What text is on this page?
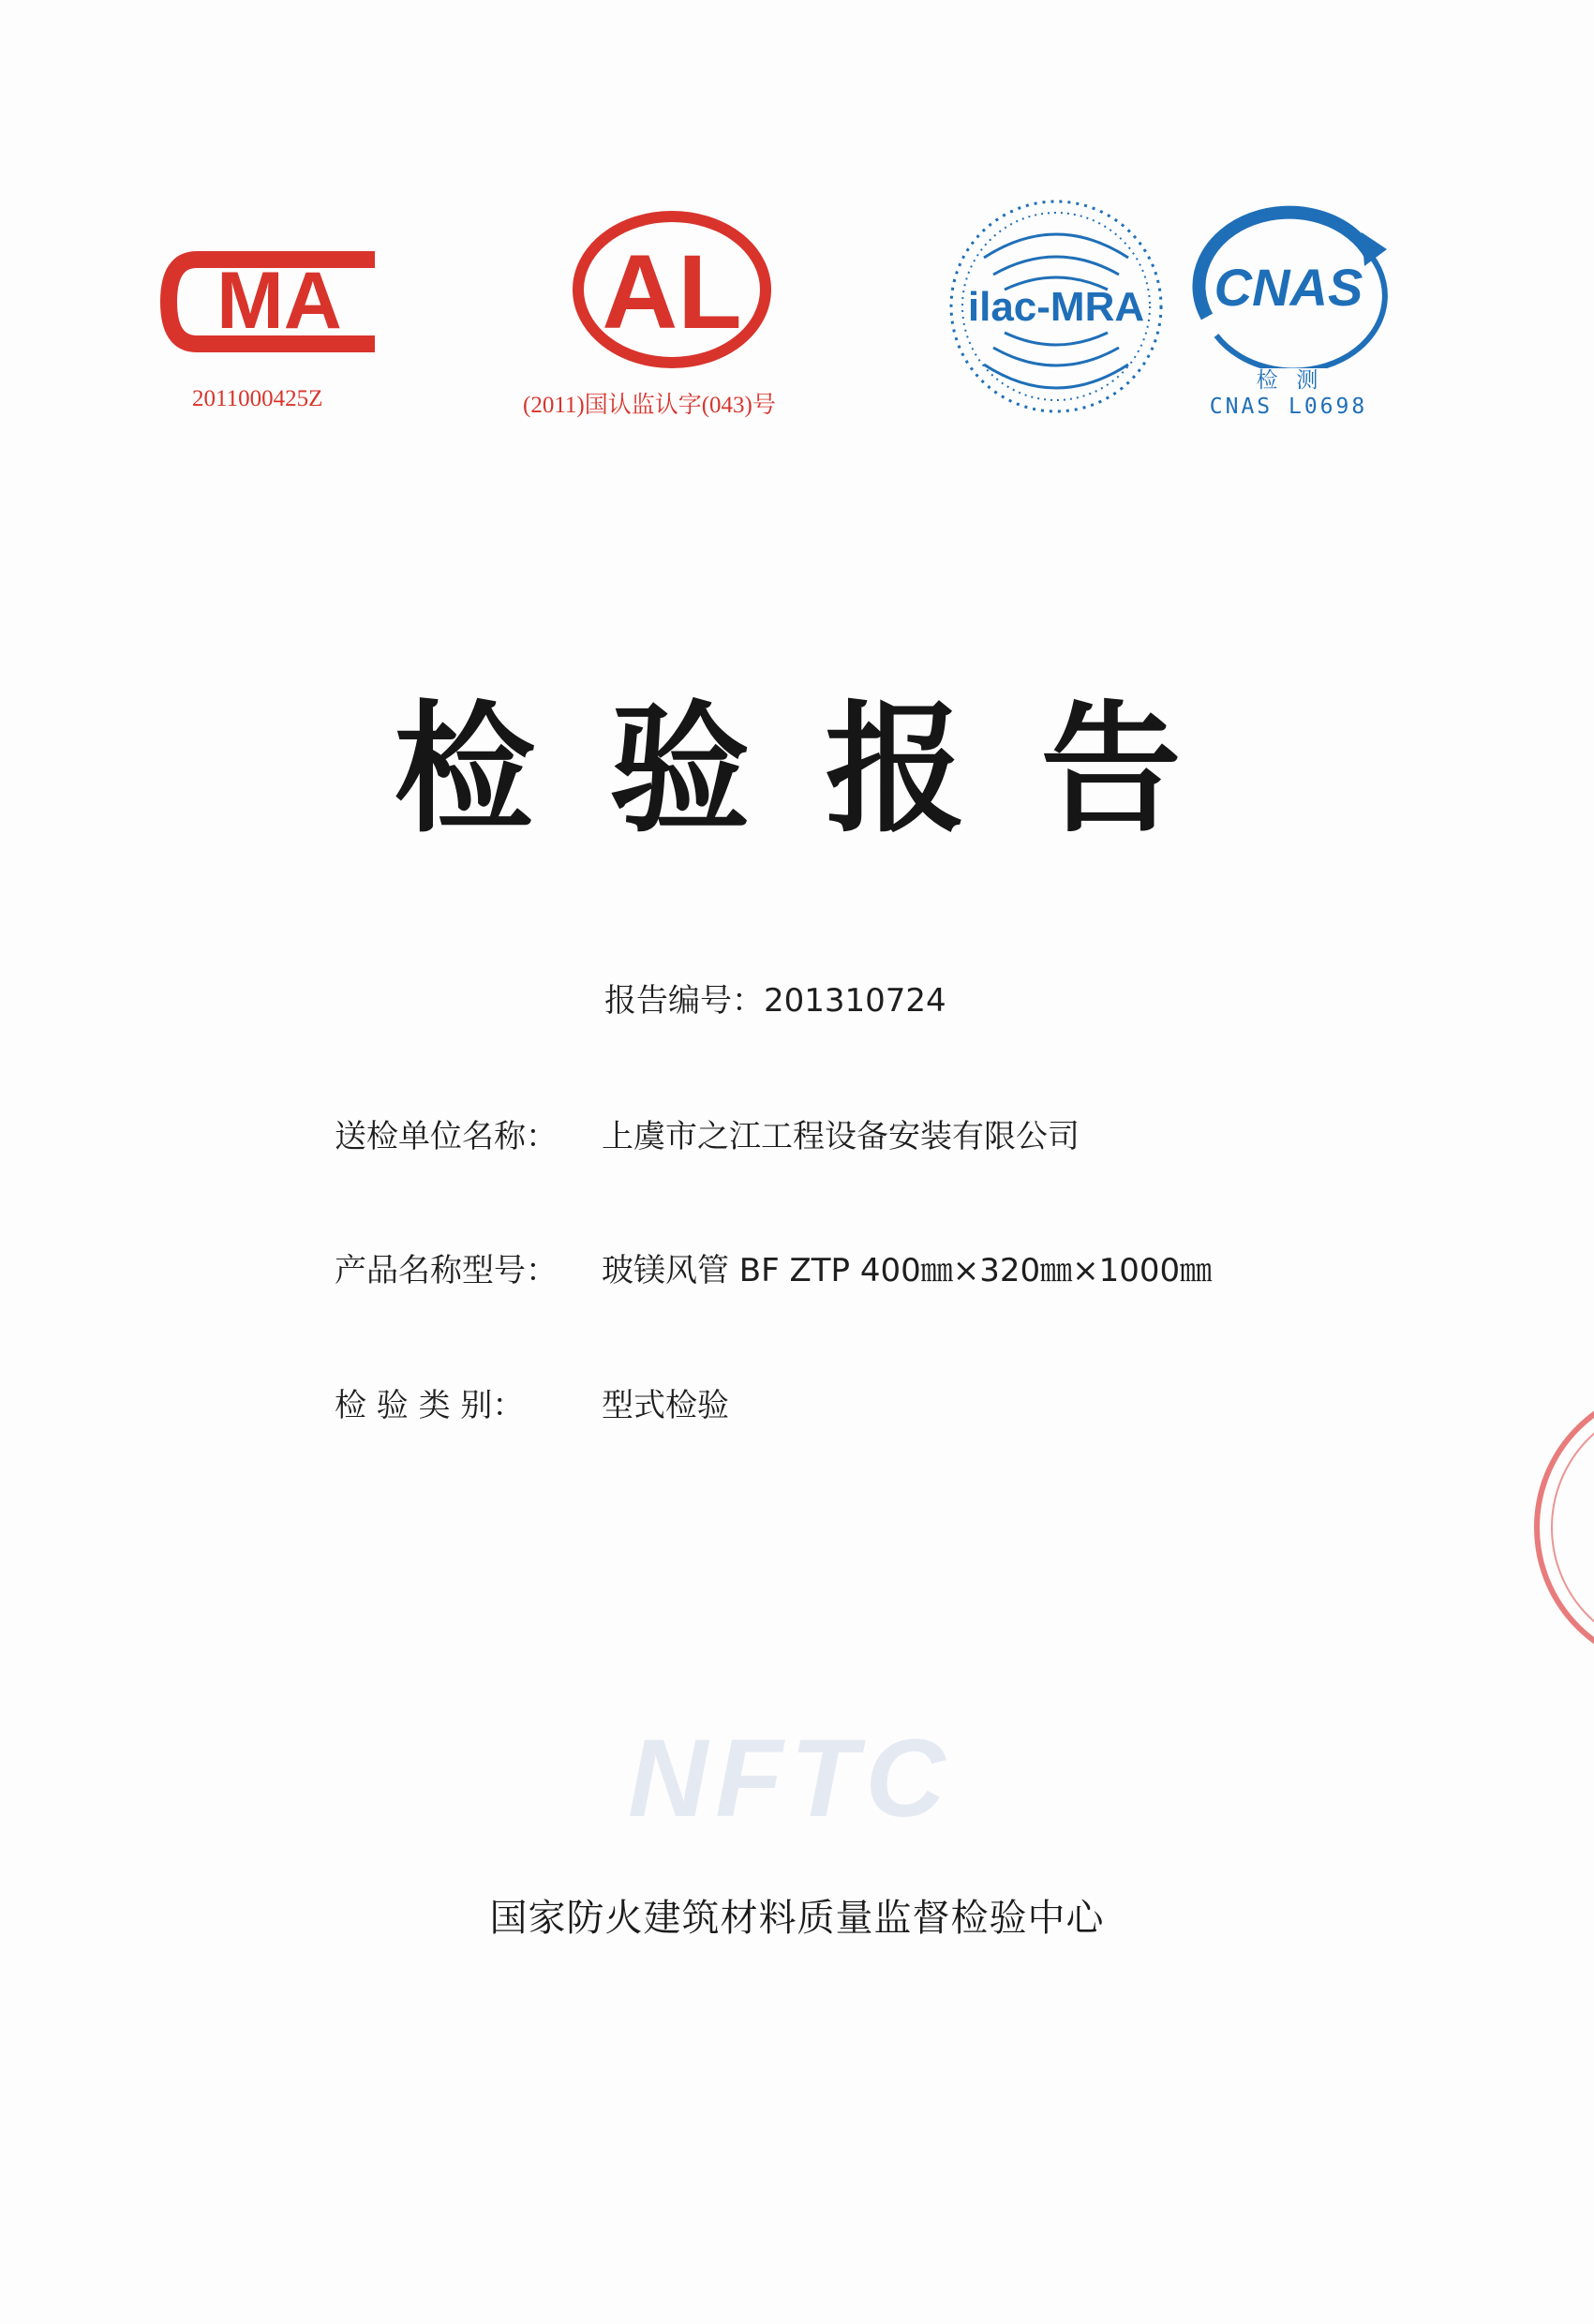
MA
2011000425Z
AL
(2011)国认监认字(043)号
ilac-MRA CNAS
检 测
CNAS L0698
检验报告
报告编号：201310724
送检单位名称： 上虞市之江工程设备安装有限公司
产品名称型号： 玻镁风管 BF ZTP 400㎜×320㎜×1000㎜
检 验 类 别： 型式检验
NFTC
国家防火建筑材料质量监督检验中心
